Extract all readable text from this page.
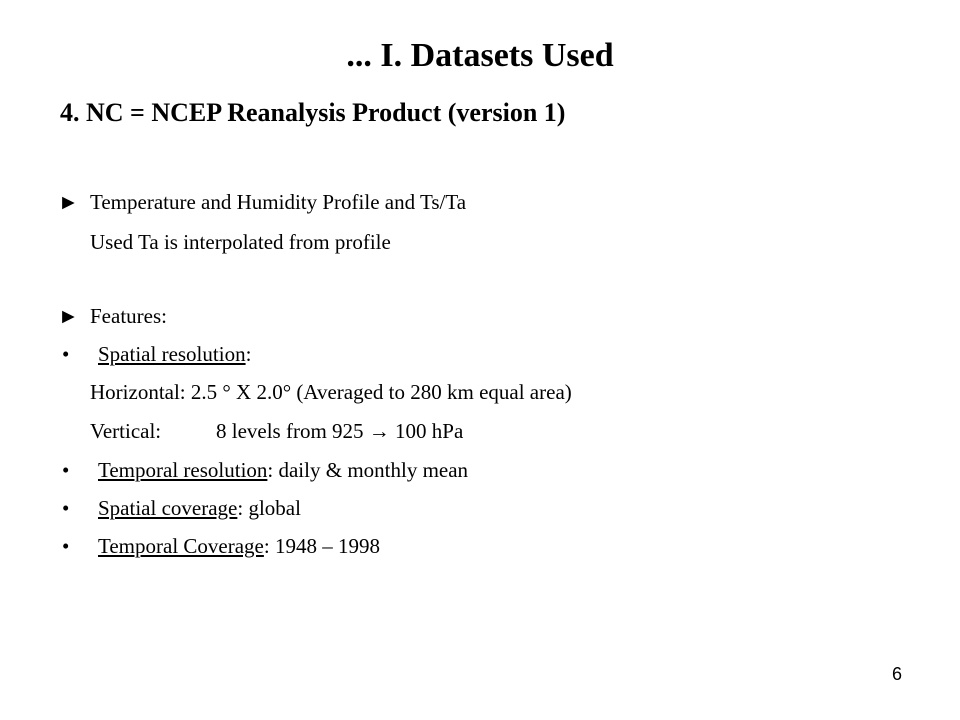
... I. Datasets Used
4. NC = NCEP Reanalysis Product (version 1)
► Temperature and Humidity Profile and Ts/Ta
Used Ta is interpolated from profile
► Features:
• Spatial resolution:
Horizontal: 2.5 ° X 2.0° (Averaged to 280 km equal area)
Vertical:	8 levels from 925 → 100 hPa
• Temporal resolution: daily & monthly mean
• Spatial coverage: global
• Temporal Coverage: 1948 – 1998
6
